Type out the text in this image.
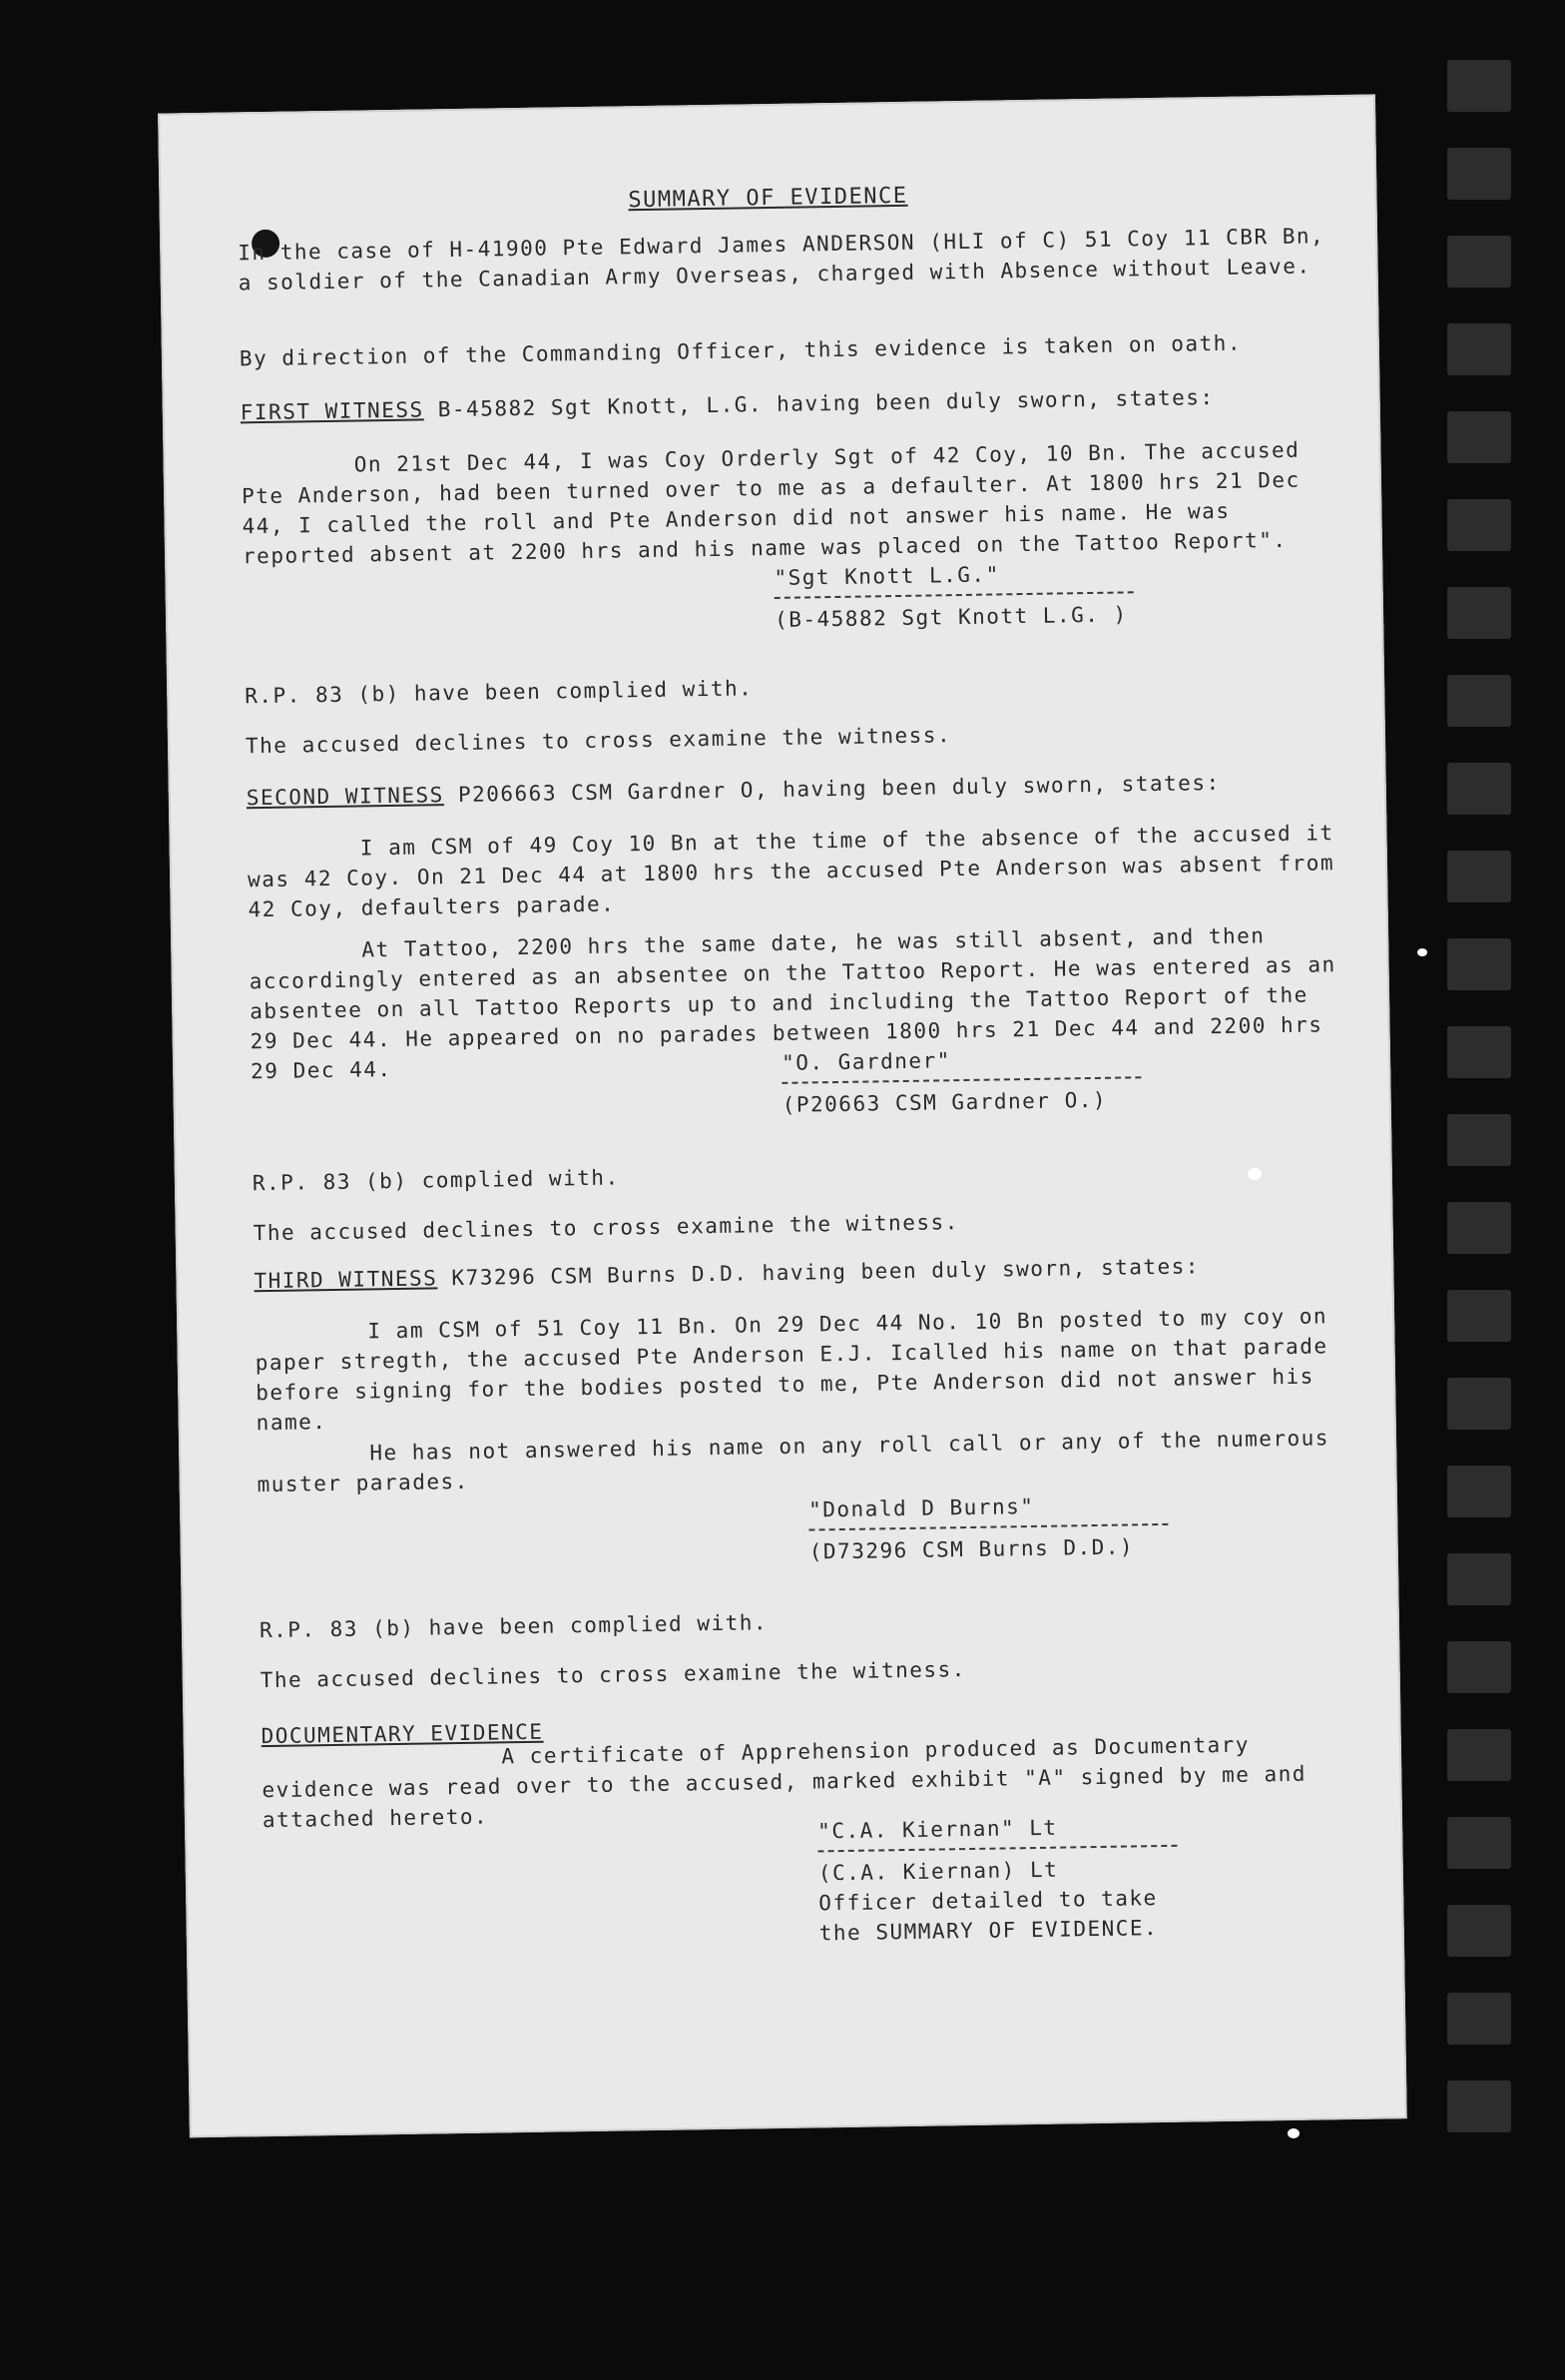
SUMMARY OF EVIDENCE
In the case of H-41900 Pte Edward James ANDERSON (HLI of C) 51 Coy 11 CBR Bn, a soldier of the Canadian Army Overseas, charged with Absence without Leave.
By direction of the Commanding Officer, this evidence is taken on oath.
FIRST WITNESS B-45882 Sgt Knott, L.G. having been duly sworn, states:
On 21st Dec 44, I was Coy Orderly Sgt of 42 Coy, 10 Bn. The accused Pte Anderson, had been turned over to me as a defaulter. At 1800 hrs 21 Dec 44, I called the roll and Pte Anderson did not answer his name. He was reported absent at 2200 hrs and his name was placed on the Tattoo Report".
"Sgt Knott L.G."
(B-45882 Sgt Knott L.G. )
R.P. 83 (b) have been complied with.
The accused declines to cross examine the witness.
SECOND WITNESS P206663 CSM Gardner O, having been duly sworn, states:
I am CSM of 49 Coy 10 Bn at the time of the absence of the accused it was 42 Coy. On 21 Dec 44 at 1800 hrs the accused Pte Anderson was absent from 42 Coy, defaulters parade.
At Tattoo, 2200 hrs the same date, he was still absent, and then accordingly entered as an absentee on the Tattoo Report. He was entered as an absentee on all Tattoo Reports up to and including the Tattoo Report of the 29 Dec 44. He appeared on no parades between 1800 hrs 21 Dec 44 and 2200 hrs 29 Dec 44.	"O. Gardner"
(P20663 CSM Gardner O.)
R.P. 83 (b) complied with.
The accused declines to cross examine the witness.
THIRD WITNESS K73296 CSM Burns D.D. having been duly sworn, states:
I am CSM of 51 Coy 11 Bn. On 29 Dec 44 No. 10 Bn posted to my coy on paper stregth, the accused Pte Anderson E.J. Icalled his name on that parade before signing for the bodies posted to me, Pte Anderson did not answer his name.
He has not answered his name on any roll call or any of the numerous muster parades.
"Donald D Burns"
(D73296 CSM Burns D.D.)
R.P. 83 (b) have been complied with.
The accused declines to cross examine the witness.
DOCUMENTARY EVIDENCE
A certificate of Apprehension produced as Documentary evidence was read over to the accused, marked exhibit "A" signed by me and attached hereto.	"C.A. Kiernan" Lt
(C.A. Kiernan) Lt
Officer detailed to take
the SUMMARY OF EVIDENCE.
